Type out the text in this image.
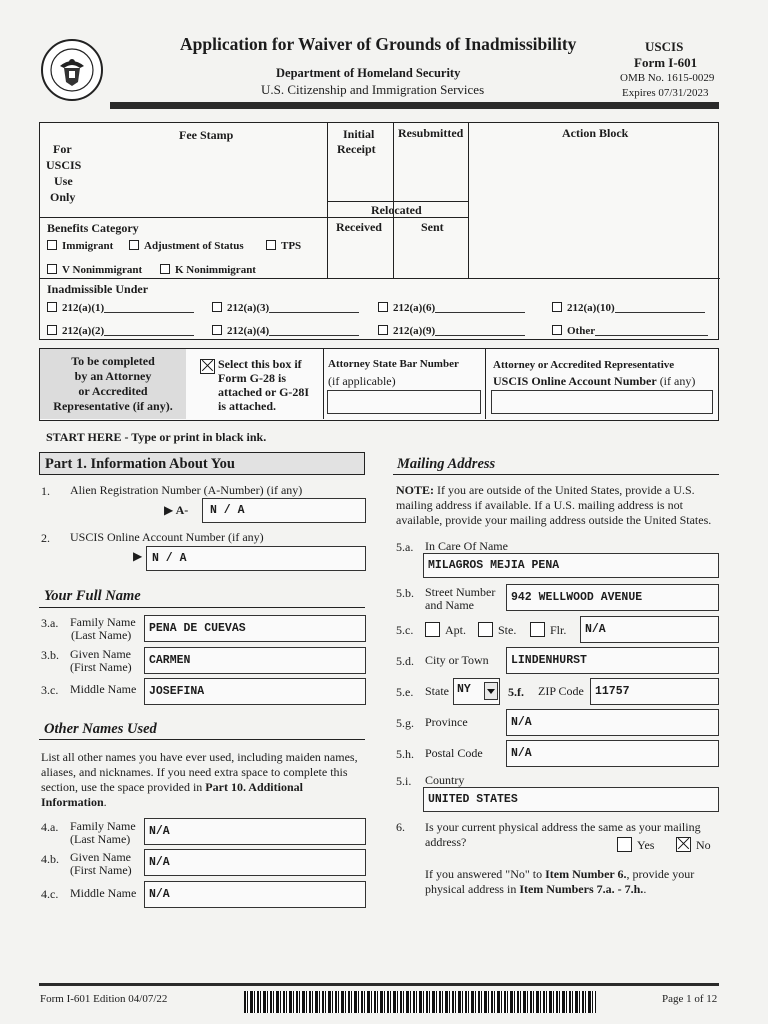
Application for Waiver of Grounds of Inadmissibility
Department of Homeland Security
U.S. Citizenship and Immigration Services
USCIS
Form I-601
OMB No. 1615-0029
Expires 07/31/2023
For
USCIS
Use
Only
Fee Stamp	Initial
Receipt
Resubmitted	Action Block
Relocated
Received	Sent
Benefits Category
Immigrant	Adjustment of Status	TPS
V Nonimmigrant	K Nonimmigrant
Inadmissible Under
212(a)(1)	212(a)(3)	212(a)(6)	212(a)(10)
212(a)(2)	212(a)(4)	212(a)(9)	Other
To be completed
by an Attorney
or Accredited
Representative (if any).
Select this box if
Form G-28 is
attached or G-28I
is attached.
Attorney State Bar Number
(if applicable)
Attorney or Accredited Representative
USCIS Online Account Number (if any)
START HERE - Type or print in black ink.
Part 1. Information About You
1. Alien Registration Number (A-Number) (if any)
▶ A-	N / A
2. USCIS Online Account Number (if any)
▶ N / A
Your Full Name
3.a. Family Name
(Last Name)	PENA DE CUEVAS
3.b. Given Name
(First Name)	CARMEN
3.c. Middle Name	JOSEFINA
Other Names Used
List all other names you have ever used, including maiden names, aliases, and nicknames. If you need extra space to complete this section, use the space provided in Part 10. Additional Information.
4.a. Family Name
(Last Name)
N/A
4.b. Given Name
(First Name)
N/A
4.c. Middle Name	N/A
Mailing Address
NOTE: If you are outside of the United States, provide a U.S. mailing address if available. If a U.S. mailing address is not available, provide your mailing address outside the United States.
5.a. In Care Of Name
MILAGROS MEJIA PENA
5.b. Street Number
and Name
942 WELLWOOD AVENUE
5.c.	Apt.	Ste.	Flr.	N/A
5.d. City or Town	LINDENHURST
5.e. State NY	5.f. ZIP Code 11757
5.g. Province	N/A
5.h. Postal Code	N/A
5.i. Country
UNITED STATES
6. Is your current physical address the same as your mailing address?	Yes	No
If you answered "No" to Item Number 6., provide your physical address in Item Numbers 7.a. - 7.h..
Form I-601 Edition 04/07/22	Page 1 of 12
